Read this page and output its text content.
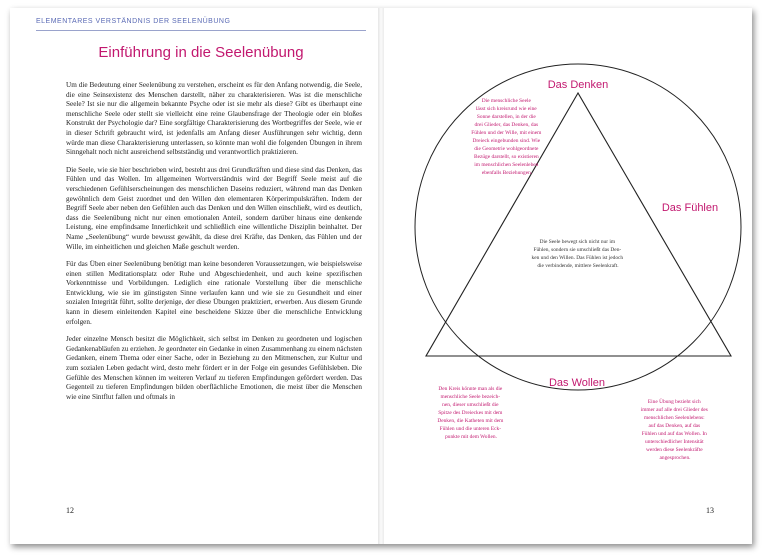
ELEMENTARES VERSTÄNDNIS DER SEELENÜBUNG
Einführung in die Seelenübung

Um die Bedeutung einer Seelenübung zu verstehen, erscheint es für den Anfang notwendig, die Seele, die eine Seinsexistenz des Menschen darstellt, näher zu charakterisieren. Was ist die menschliche Seele? Ist sie nur die allgemein bekannte Psyche oder ist sie mehr als diese? Gibt es überhaupt eine menschliche Seele oder stellt sie vielleicht eine reine Glaubensfrage der Theologie oder ein bloßes Konstrukt der Psychologie dar? Eine sorgfältige Charakterisierung des Wortbegriffes der Seele, wie er in dieser Schrift gebraucht wird, ist jedenfalls am Anfang dieser Ausführungen sehr wichtig, denn würde man diese Charakterisierung unterlassen, so könnte man wohl die folgenden Übungen in ihrem Sinngehalt noch nicht ausreichend selbstständig und verantwortlich praktizieren.

Die Seele, wie sie hier beschrieben wird, besteht aus drei Grundkräften und diese sind das Denken, das Fühlen und das Wollen. Im allgemeinen Wortverständnis wird der Begriff Seele meist auf die verschiedenen Gefühlserscheinungen des menschlichen Daseins reduziert, während man das Denken gewöhnlich dem Geist zuordnet und den Willen den elementaren Körperimpulskräften. Indem der Begriff Seele aber neben den Gefühlen auch das Denken und den Willen einschließt, wird es deutlich, dass die Seelenübung nicht nur einen emotionalen Anteil, sondern darüber hinaus eine denkende Leistung, eine empfindsame Innerlichkeit und schließlich eine willentliche Disziplin beinhaltet. Der Name „Seelenübung“ wurde bewusst gewählt, da diese drei Kräfte, das Denken, das Fühlen und der Wille, im einheitlichen und gleichen Maße geschult werden.

Für das Üben einer Seelenübung benötigt man keine besonderen Voraussetzungen, wie beispielsweise einen stillen Meditationsplatz oder Ruhe und Abgeschiedenheit, und auch keine spezifischen Vorkenntnisse und Vorbildungen. Lediglich eine rationale Vorstellung über die menschliche Entwicklung, wie sie im günstigsten Sinne verlaufen kann und wie sie zu Gesundheit und einer sozialen Integrität führt, sollte derjenige, der diese Übungen praktiziert, erwerben. Aus diesem Grunde kann in diesem einleitenden Kapitel eine bescheidene Skizze über die menschliche Entwicklung erfolgen.

Jeder einzelne Mensch besitzt die Möglichkeit, sich selbst im Denken zu geordneten und logischen Gedankenabläufen zu erziehen. Je geordneter ein Gedanke in einen Zusammenhang zu einem nächsten Gedanken, einem Thema oder einer Sache, oder in Beziehung zu den Mitmenschen, zur Kultur und zum sozialen Leben gedacht wird, desto mehr fördert er in der Folge ein gesundes Gefühlsleben. Die Gefühle des Menschen können im weiteren Verlauf zu tieferen Empfindungen gefördert werden. Das Gegenteil zu tieferen Empfindungen bilden oberflächliche Emotionen, die meist über die Menschen wie eine Sintflut fallen und oftmals in

12
Das Denken
Das Fühlen
Das Wollen
Die menschliche Seele lässt sich kreisrund wie eine Sonne darstellen, in der die drei Glieder, das Denken, das Fühlen und der Wille, mit einem Dreieck eingebunden sind. Wie die Geometrie wohlgeordnete Bezüge darstellt, so existieren im menschlichen Seelenleben ebenfalls Beziehungen.
Die Seele bewegt sich nicht nur im Fühlen, sondern sie umschließt das Den- ken und den Willen. Das Fühlen ist jedoch die verbindende, mittlere Seelenkraft.
Den Kreis könnte man als die menschliche Seele bezeich- nen, dieser umschließt die Spitze des Dreieckes mit dem Denken, die Katheten mit dem Fühlen und die unteren Eck- punkte mit dem Wollen.
Eine Übung bezieht sich immer auf alle drei Glieder des menschlichen Seelenlebens: auf das Denken, auf das Fühlen und auf das Wollen. In unterschiedlicher Intensität werden diese Seelenkräfte angesprochen.
13
